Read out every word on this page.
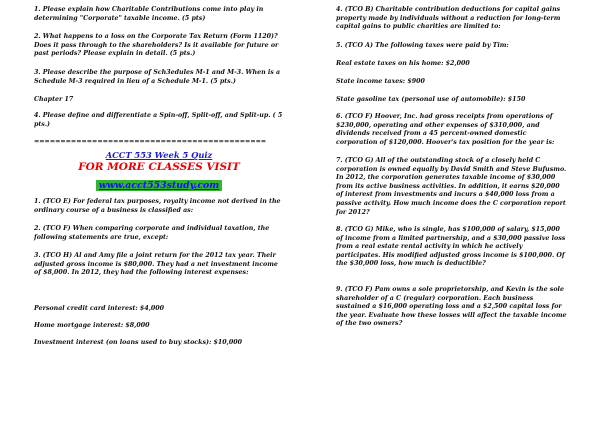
1. Please explain how Charitable Contributions come into play in determining "Corporate" taxable income. (5 pts)

2. What happens to a loss on the Corporate Tax Return (Form 1120)? Does it pass through to the shareholders? Is it available for future or past periods? Please explain in detail. (5 pts.)

3. Please describe the purpose of Sch3edules M-1 and M-3. When is a Schedule M-3 required in lieu of a Schedule M-1. (5 pts.)

Chapter 17

4. Please define and differentiate a Spin-off, Split-off, and Split-up. ( 5 pts.)

============================================

ACCT 553 Week 5 Quiz

FOR MORE CLASSES VISIT

www.acct553study.com

1. (TCO E) For federal tax purposes, royalty income not derived in the ordinary course of a business is classified as:

2. (TCO F) When comparing corporate and individual taxation, the following statements are true, except:

3. (TCO H) Al and Amy file a joint return for the 2012 tax year. Their adjusted gross income is $80,000. They had a net investment income of $8,000. In 2012, they had the following interest expenses:

Personal credit card interest: $4,000

Home mortgage interest: $8,000

Investment interest (on loans used to buy stocks): $10,000

4. (TCO B) Charitable contribution deductions for capital gains property made by individuals without a reduction for long-term capital gains to public charities are limited to:

5. (TCO A) The following taxes were paid by Tim:

Real estate taxes on his home: $2,000

State income taxes: $900

State gasoline tax (personal use of automobile): $150

6. (TCO F) Hoover, Inc. had gross receipts from operations of $230,000, operating and other expenses of $310,000, and dividends received from a 45 percent-owned domestic corporation of $120,000. Hoover's tax position for the year is:

7. (TCO G) All of the outstanding stock of a closely held C corporation is owned equally by David Smith and Steve Bufusmo. In 2012, the corporation generates taxable income of $30,000 from its active business activities. In addition, it earns $20,000 of interest from investments and incurs a $40,000 loss from a passive activity. How much income does the C corporation report for 2012?

8. (TCO G) Mike, who is single, has $100,000 of salary, $15,000 of income from a limited partnership, and a $30,000 passive loss from a real estate rental activity in which he actively participates. His modified adjusted gross income is $100,000. Of the $30,000 loss, how much is deductible?

9. (TCO F) Pam owns a sole proprietorship, and Kevin is the sole shareholder of a C (regular) corporation. Each business sustained a $16,000 operating loss and a $2,500 capital loss for the year. Evaluate how these losses will affect the taxable income of the two owners?
